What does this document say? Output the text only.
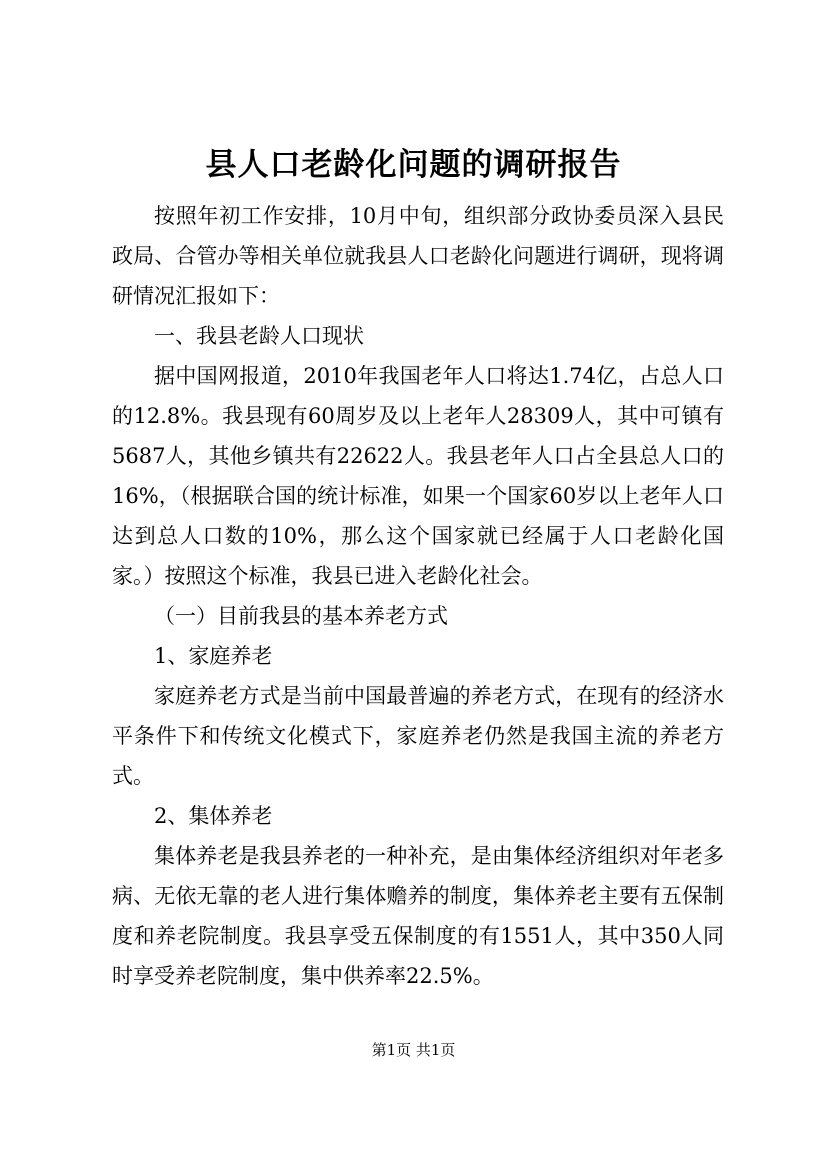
县人口老龄化问题的调研报告

按照年初工作安排，10月中旬，组织部分政协委员深入县民政局、合管办等相关单位就我县人口老龄化问题进行调研，现将调研情况汇报如下：

一、我县老龄人口现状

据中国网报道，2010年我国老年人口将达1.74亿，占总人口的12.8%。我县现有60周岁及以上老年人28309人，其中可镇有5687人，其他乡镇共有22622人。我县老年人口占全县总人口的16%，（根据联合国的统计标准，如果一个国家60岁以上老年人口达到总人口数的10%，那么这个国家就已经属于人口老龄化国家。）按照这个标准，我县已进入老龄化社会。

（一）目前我县的基本养老方式

1、家庭养老

家庭养老方式是当前中国最普遍的养老方式，在现有的经济水平条件下和传统文化模式下，家庭养老仍然是我国主流的养老方式。

2、集体养老

集体养老是我县养老的一种补充，是由集体经济组织对年老多病、无依无靠的老人进行集体赡养的制度，集体养老主要有五保制度和养老院制度。我县享受五保制度的有1551人，其中350人同时享受养老院制度，集中供养率22.5%。

第1页 共1页
